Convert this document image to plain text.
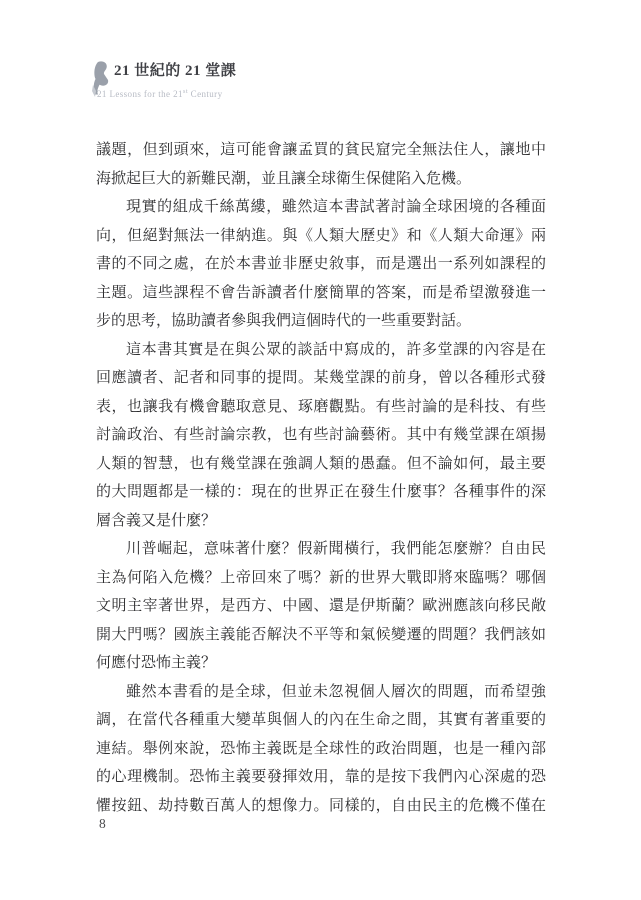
21 世紀的 21 堂課
21 Lessons for the 21st Century
議題，但到頭來，這可能會讓孟買的貧民窟完全無法住人，讓地中
海掀起巨大的新難民潮，並且讓全球衛生保健陷入危機。
現實的組成千絲萬縷，雖然這本書試著討論全球困境的各種面
向，但絕對無法一律納進。與《人類大歷史》和《人類大命運》兩
書的不同之處，在於本書並非歷史敘事，而是選出一系列如課程的
主題。這些課程不會告訴讀者什麼簡單的答案，而是希望激發進一
步的思考，協助讀者參與我們這個時代的一些重要對話。
這本書其實是在與公眾的談話中寫成的，許多堂課的內容是在
回應讀者、記者和同事的提問。某幾堂課的前身，曾以各種形式發
表，也讓我有機會聽取意見、琢磨觀點。有些討論的是科技、有些
討論政治、有些討論宗教，也有些討論藝術。其中有幾堂課在頌揚
人類的智慧，也有幾堂課在強調人類的愚蠢。但不論如何，最主要
的大問題都是一樣的：現在的世界正在發生什麼事？各種事件的深
層含義又是什麼？
川普崛起，意味著什麼？假新聞橫行，我們能怎麼辦？自由民
主為何陷入危機？上帝回來了嗎？新的世界大戰即將來臨嗎？哪個
文明主宰著世界，是西方、中國、還是伊斯蘭？歐洲應該向移民敞
開大門嗎？國族主義能否解決不平等和氣候變遷的問題？我們該如
何應付恐怖主義？
雖然本書看的是全球，但並未忽視個人層次的問題，而希望強
調，在當代各種重大變革與個人的內在生命之間，其實有著重要的
連結。舉例來說，恐怖主義既是全球性的政治問題，也是一種內部
的心理機制。恐怖主義要發揮效用，靠的是按下我們內心深處的恐
懼按鈕、劫持數百萬人的想像力。同樣的，自由民主的危機不僅在
8
